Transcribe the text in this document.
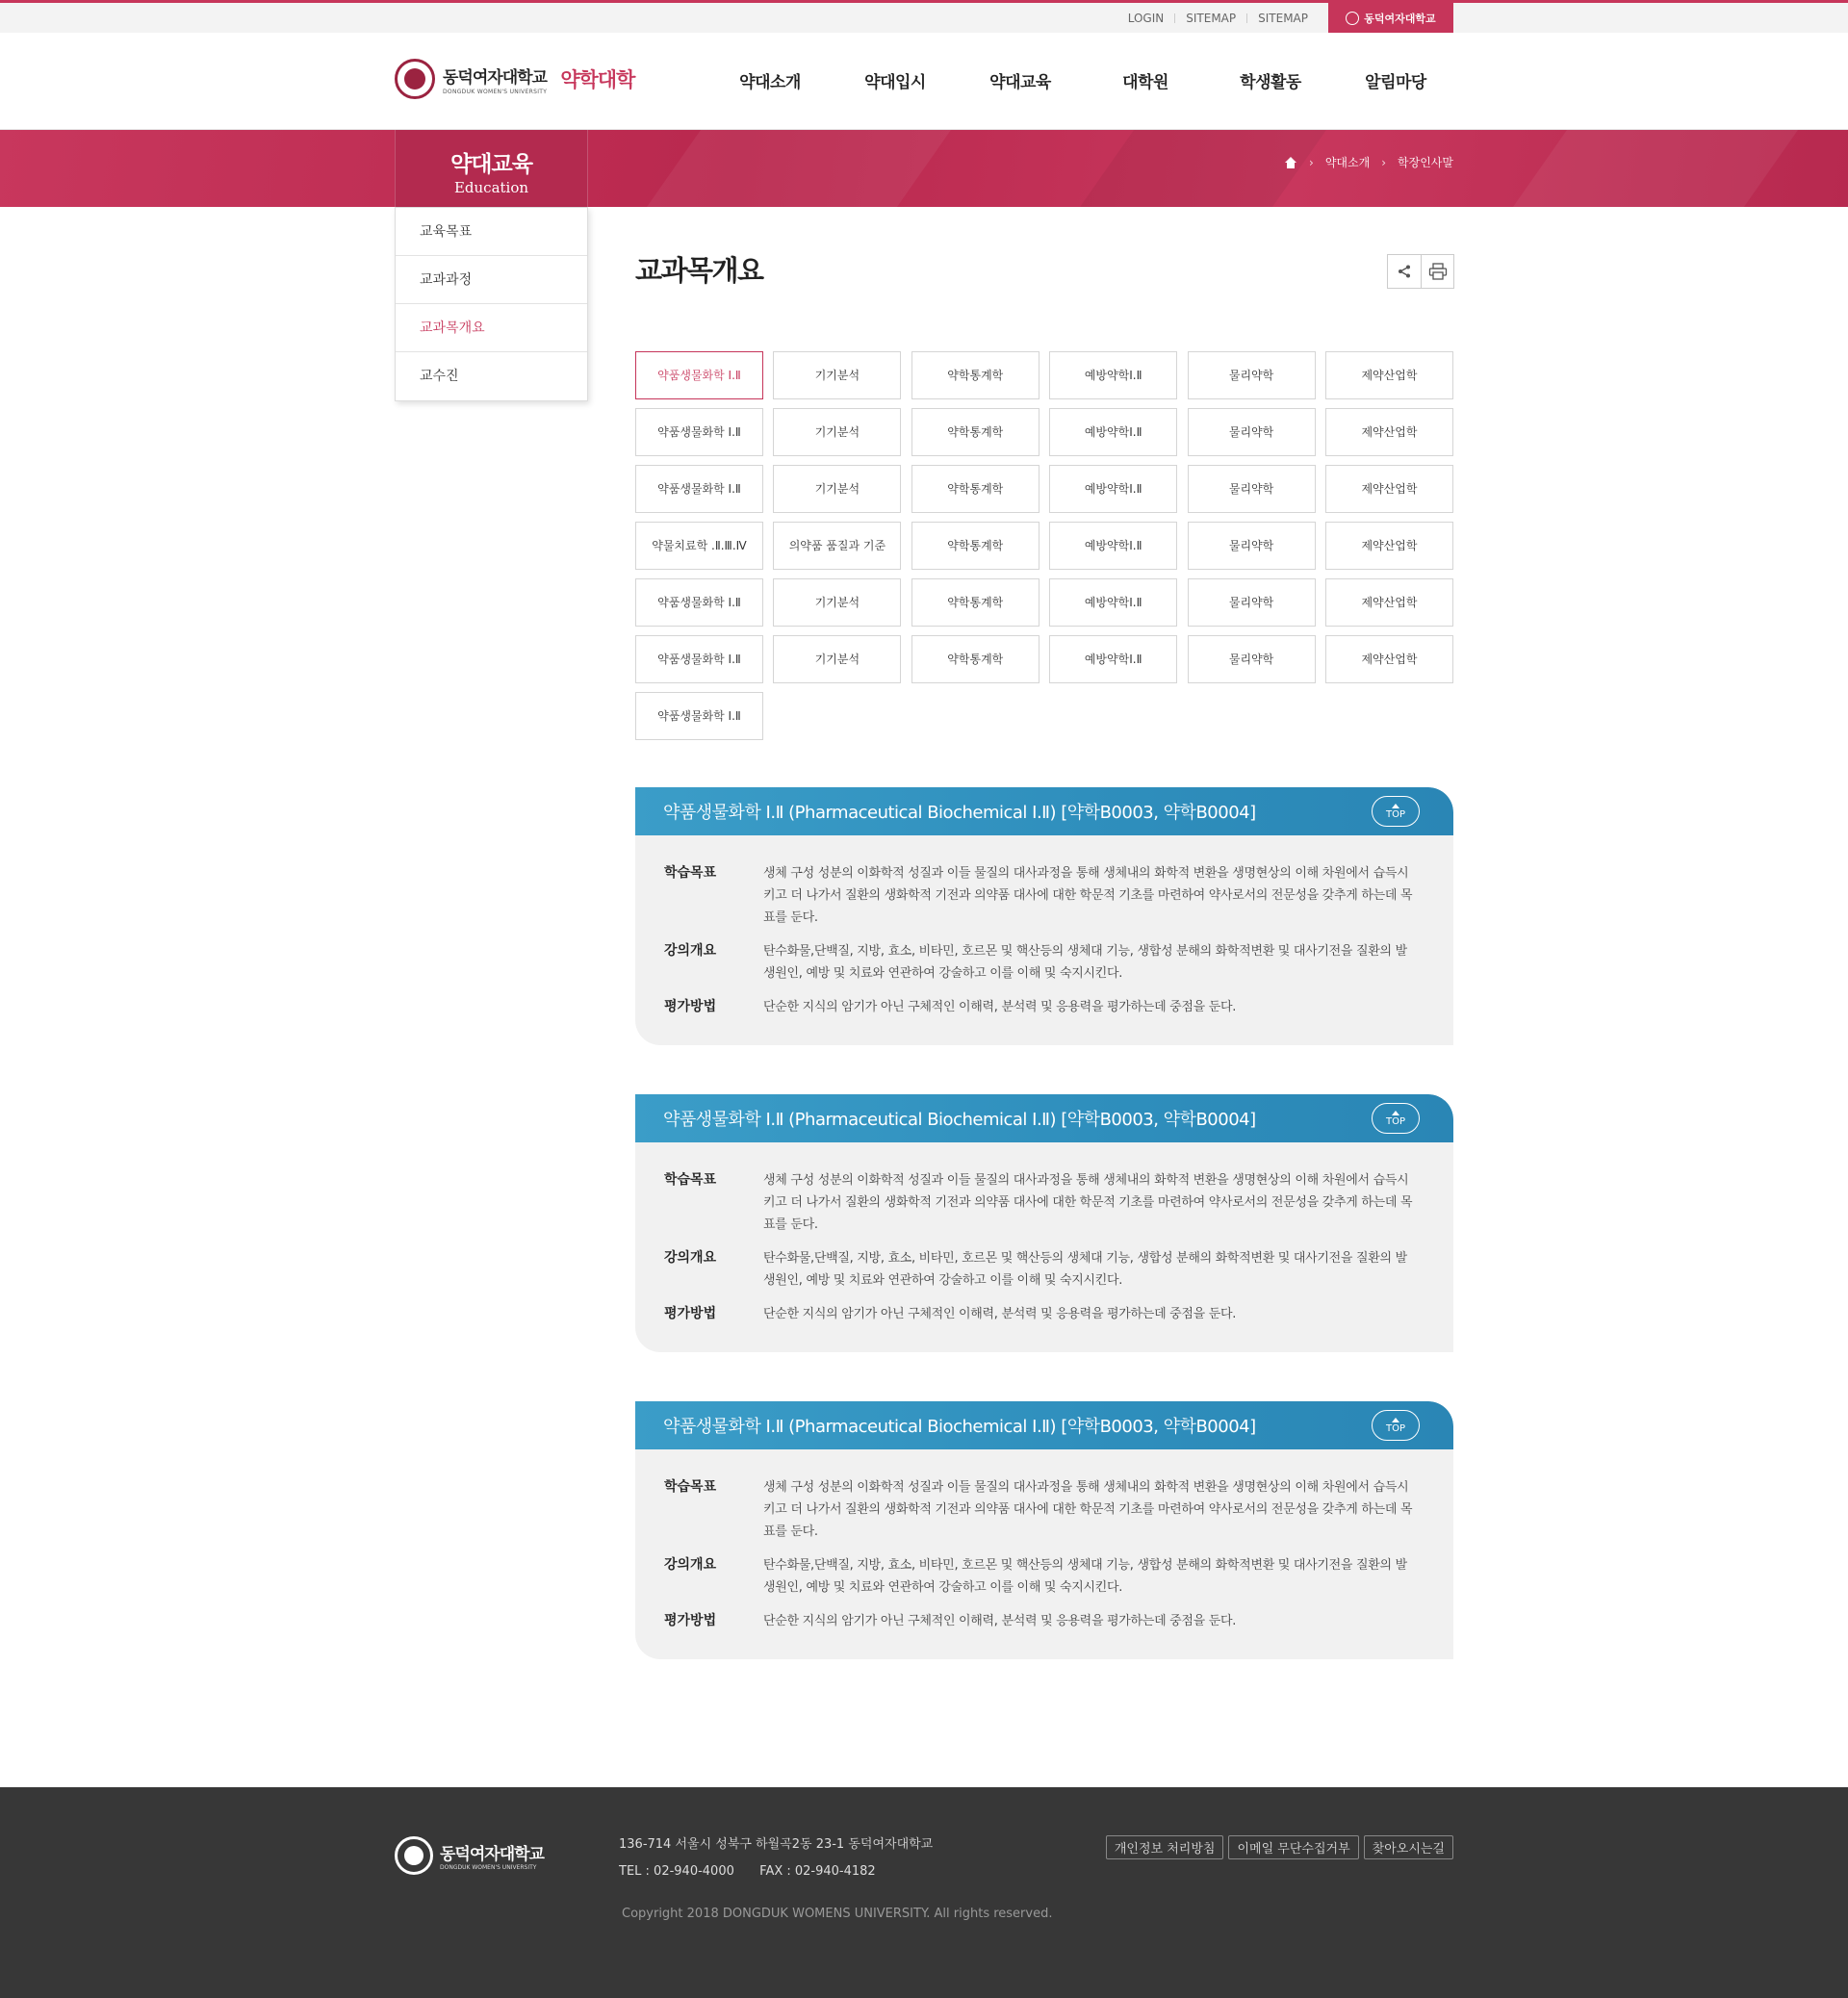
LOGIN	SITEMAP	SITEMAP	동덕여자대학교
동덕여자대학교
DONGDUK WOMEN'S UNIVERSITY 약학대학	약대소개	약대입시	약대교육	대학원	학생활동	알림마당
약대교육
Education
› 약대소개 › 학장인사말
교육목표
교과과정
교과목개요
교수진
교과목개요
약품생물화학 Ⅰ.Ⅱ	기기분석	약학통계학	예방약학Ⅰ.Ⅱ	물리약학	제약산업학
약품생물화학 Ⅰ.Ⅱ	기기분석	약학통계학	예방약학Ⅰ.Ⅱ	물리약학	제약산업학
약품생물화학 Ⅰ.Ⅱ	기기분석	약학통계학	예방약학Ⅰ.Ⅱ	물리약학	제약산업학
약물치료학 .Ⅱ.Ⅲ.Ⅳ	의약품 품질과 기준	약학통계학	예방약학Ⅰ.Ⅱ	물리약학	제약산업학
약품생물화학 Ⅰ.Ⅱ	기기분석	약학통계학	예방약학Ⅰ.Ⅱ	물리약학	제약산업학
약품생물화학 Ⅰ.Ⅱ	기기분석	약학통계학	예방약학Ⅰ.Ⅱ	물리약학	제약산업학
약품생물화학 Ⅰ.Ⅱ
약품생물화학 Ⅰ.Ⅱ (Pharmaceutical Biochemical Ⅰ.Ⅱ) [약학B0003, 약학B0004]	TOP
학습목표	생체 구성 성분의 이화학적 성질과 이들 물질의 대사과정을 통해 생체내의 화학적 변환을 생명현상의 이해 차원에서 습득시키고 더 나가서 질환의 생화학적 기전과 의약품 대사에 대한 학문적 기초를 마련하여 약사로서의 전문성을 갖추게 하는데 목표를 둔다.
강의개요	탄수화물,단백질, 지방, 효소, 비타민, 호르몬 및 핵산등의 생체대 기능, 생합성 분해의 화학적변환 및 대사기전을 질환의 발생원인, 예방 및 치료와 연관하여 강술하고 이를 이해 및 숙지시킨다.
평가방법	단순한 지식의 암기가 아닌 구체적인 이해력, 분석력 및 응용력을 평가하는데 중점을 둔다.
약품생물화학 Ⅰ.Ⅱ (Pharmaceutical Biochemical Ⅰ.Ⅱ) [약학B0003, 약학B0004]	TOP
학습목표	생체 구성 성분의 이화학적 성질과 이들 물질의 대사과정을 통해 생체내의 화학적 변환을 생명현상의 이해 차원에서 습득시키고 더 나가서 질환의 생화학적 기전과 의약품 대사에 대한 학문적 기초를 마련하여 약사로서의 전문성을 갖추게 하는데 목표를 둔다.
강의개요	탄수화물,단백질, 지방, 효소, 비타민, 호르몬 및 핵산등의 생체대 기능, 생합성 분해의 화학적변환 및 대사기전을 질환의 발생원인, 예방 및 치료와 연관하여 강술하고 이를 이해 및 숙지시킨다.
평가방법	단순한 지식의 암기가 아닌 구체적인 이해력, 분석력 및 응용력을 평가하는데 중점을 둔다.
약품생물화학 Ⅰ.Ⅱ (Pharmaceutical Biochemical Ⅰ.Ⅱ) [약학B0003, 약학B0004]	TOP
학습목표	생체 구성 성분의 이화학적 성질과 이들 물질의 대사과정을 통해 생체내의 화학적 변환을 생명현상의 이해 차원에서 습득시키고 더 나가서 질환의 생화학적 기전과 의약품 대사에 대한 학문적 기초를 마련하여 약사로서의 전문성을 갖추게 하는데 목표를 둔다.
강의개요	탄수화물,단백질, 지방, 효소, 비타민, 호르몬 및 핵산등의 생체대 기능, 생합성 분해의 화학적변환 및 대사기전을 질환의 발생원인, 예방 및 치료와 연관하여 강술하고 이를 이해 및 숙지시킨다.
평가방법	단순한 지식의 암기가 아닌 구체적인 이해력, 분석력 및 응용력을 평가하는데 중점을 둔다.
동덕여자대학교
DONGDUK WOMEN'S UNIVERSITY
136-714 서울시 성북구 하월곡2동 23-1 동덕여자대학교
TEL : 02-940-4000 FAX : 02-940-4182
Copyright 2018 DONGDUK WOMENS UNIVERSITY. All rights reserved.
개인정보 처리방침	이메일 무단수집거부	찾아오시는길
